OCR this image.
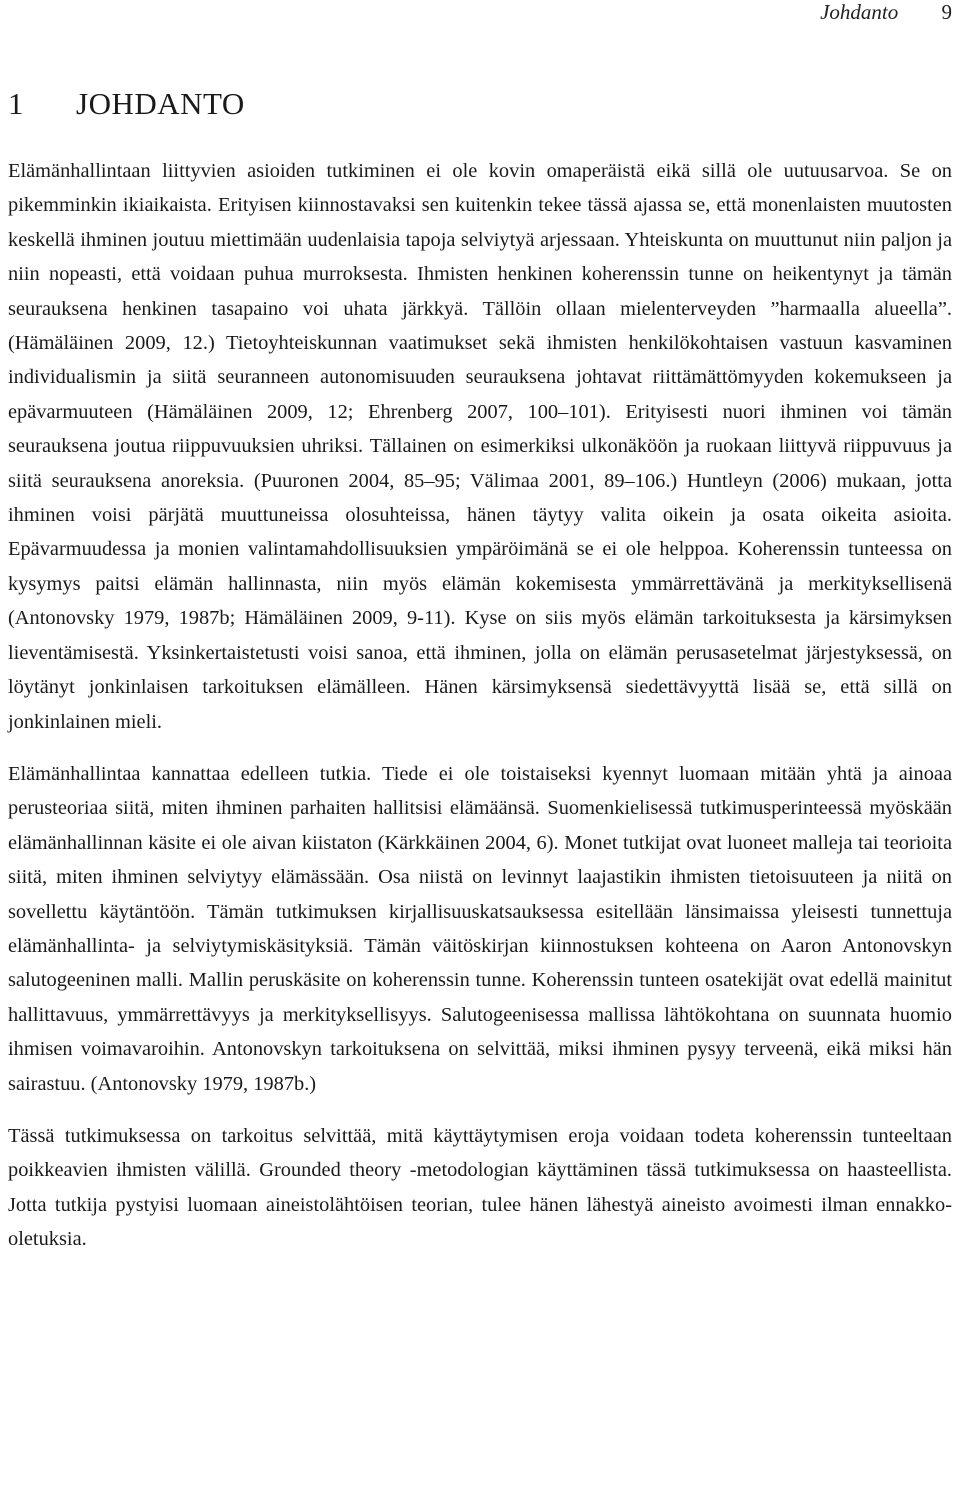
Johdanto 9
1 JOHDANTO

Elämänhallintaan liittyvien asioiden tutkiminen ei ole kovin omaperäistä eikä sillä ole uutuusarvoa. Se on pikemminkin ikiaikaista. Erityisen kiinnostavaksi sen kuitenkin tekee tässä ajassa se, että monenlaisten muutosten keskellä ihminen joutuu miettimään uudenlaisia tapoja selviytyä arjessaan. Yhteiskunta on muuttunut niin paljon ja niin nopeasti, että voidaan puhua murroksesta. Ihmisten henkinen koherenssin tunne on heikentynyt ja tämän seurauksena henkinen tasapaino voi uhata järkkyä. Tällöin ollaan mielenterveyden ”harmaalla alueella”. (Hämäläinen 2009, 12.) Tietoyhteiskunnan vaatimukset sekä ihmisten henkilökohtaisen vastuun kasvaminen individualismin ja siitä seuranneen autonomisuuden seurauksena johtavat riittämättömyyden kokemukseen ja epävarmuuteen (Hämäläinen 2009, 12; Ehrenberg 2007, 100–101). Erityisesti nuori ihminen voi tämän seurauksena joutua riippuvuuksien uhriksi. Tällainen on esimerkiksi ulkonäköön ja ruokaan liittyvä riippuvuus ja siitä seurauksena anoreksia. (Puuronen 2004, 85–95; Välimaa 2001, 89–106.) Huntleyn (2006) mukaan, jotta ihminen voisi pärjätä muuttuneissa olosuhteissa, hänen täytyy valita oikein ja osata oikeita asioita. Epävarmuudessa ja monien valintamahdollisuuksien ympäröimänä se ei ole helppoa. Koherenssin tunteessa on kysymys paitsi elämän hallinnasta, niin myös elämän kokemisesta ymmärrettävänä ja merkityksellisenä (Antonovsky 1979, 1987b; Hämäläinen 2009, 9-11). Kyse on siis myös elämän tarkoituksesta ja kärsimyksen lieventämisestä. Yksinkertaistetusti voisi sanoa, että ihminen, jolla on elämän perusasetelmat järjestyksessä, on löytänyt jonkinlaisen tarkoituksen elämälleen. Hänen kärsimyksensä siedettävyyttä lisää se, että sillä on jonkinlainen mieli.

Elämänhallintaa kannattaa edelleen tutkia. Tiede ei ole toistaiseksi kyennyt luomaan mitään yhtä ja ainoaa perusteoriaa siitä, miten ihminen parhaiten hallitsisi elämäänsä. Suomenkielisessä tutkimusperinteessä myöskään elämänhallinnan käsite ei ole aivan kiistaton (Kärkkäinen 2004, 6). Monet tutkijat ovat luoneet malleja tai teorioita siitä, miten ihminen selviytyy elämässään. Osa niistä on levinnyt laajastikin ihmisten tietoisuuteen ja niitä on sovellettu käytäntöön. Tämän tutkimuksen kirjallisuuskatsauksessa esitellään länsimaissa yleisesti tunnettuja elämänhallinta- ja selviytymiskäsityksiä. Tämän väitöskirjan kiinnostuksen kohteena on Aaron Antonovskyn salutogeeninen malli. Mallin peruskäsite on koherenssin tunne. Koherenssin tunteen osatekijät ovat edellä mainitut hallittavuus, ymmärrettävyys ja merkityksellisyys. Salutogeenisessa mallissa lähtökohtana on suunnata huomio ihmisen voimavaroihin. Antonovskyn tarkoituksena on selvittää, miksi ihminen pysyy terveenä, eikä miksi hän sairastuu. (Antonovsky 1979, 1987b.)

Tässä tutkimuksessa on tarkoitus selvittää, mitä käyttäytymisen eroja voidaan todeta koherenssin tunteeltaan poikkeavien ihmisten välillä. Grounded theory -metodologian käyttäminen tässä tutkimuksessa on haasteellista. Jotta tutkija pystyisi luomaan aineistolähtöisen teorian, tulee hänen lähestyä aineisto avoimesti ilman ennakko-oletuksia.
